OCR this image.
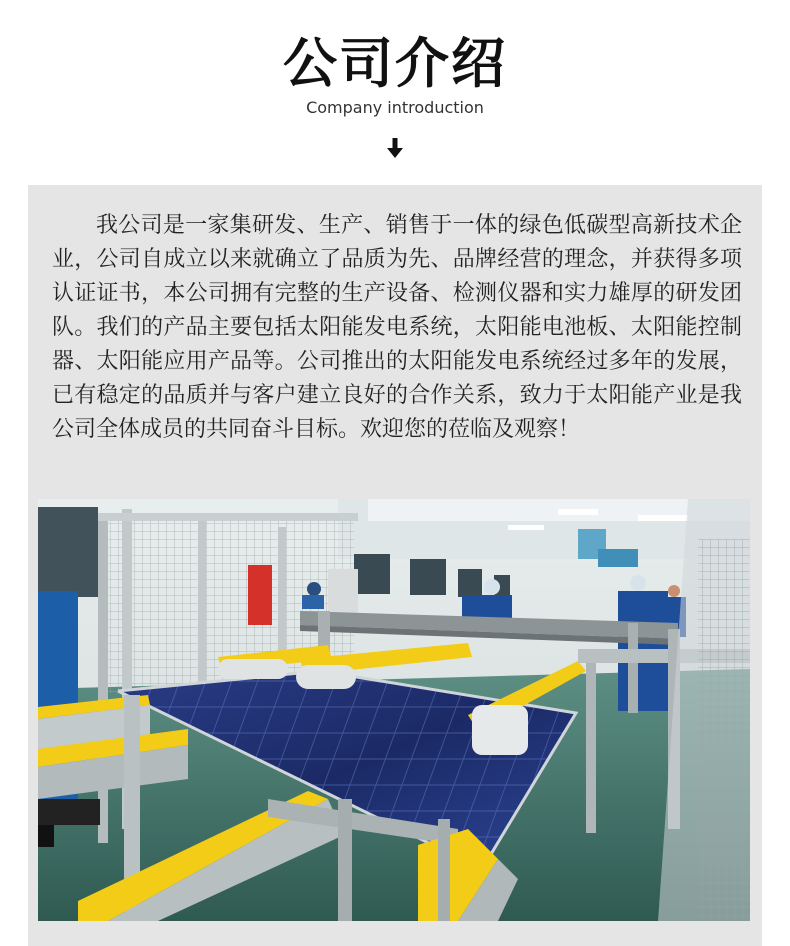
公司介绍
Company introduction

我公司是一家集研发、生产、销售于一体的绿色低碳型高新技术企业，公司自成立以来就确立了品质为先、品牌经营的理念，并获得多项认证证书，本公司拥有完整的生产设备、检测仪器和实力雄厚的研发团队。我们的产品主要包括太阳能发电系统，太阳能电池板、太阳能控制器、太阳能应用产品等。公司推出的太阳能发电系统经过多年的发展，已有稳定的品质并与客户建立良好的合作关系，致力于太阳能产业是我公司全体成员的共同奋斗目标。欢迎您的莅临及观察！
